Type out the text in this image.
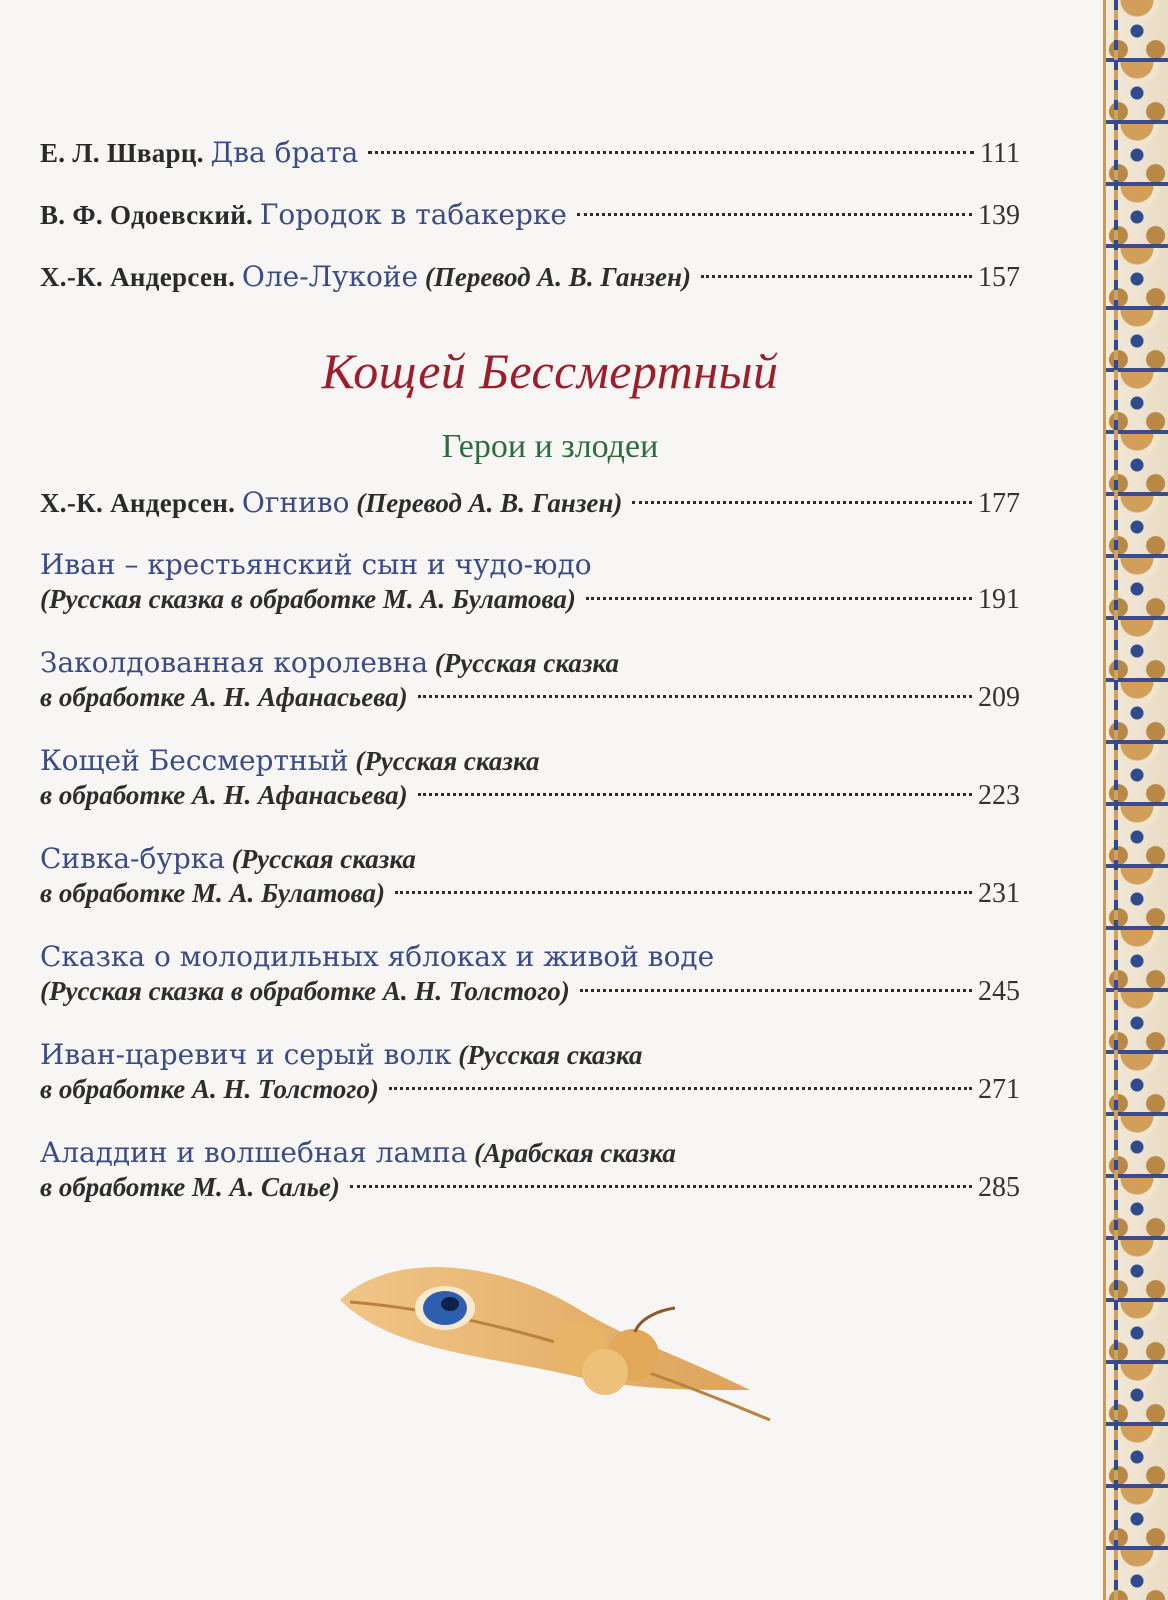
Е. Л. Шварц.
Два брата	111
В. Ф. Одоевский.
Городок в табакерке	139
Х.-К. Андерсен.
Оле-Лукойе
(Перевод А. В. Ганзен)	157
Кощей Бессмертный
Герои и злодеи
Х.-К. Андерсен.
Огниво
(Перевод А. В. Ганзен)	177
Иван – крестьянский сын и чудо-юдо
(Русская сказка в обработке М. А. Булатова)	191
Заколдованная королевна
(Русская сказка
в обработке А. Н. Афанасьева)	209
Кощей Бессмертный
(Русская сказка
в обработке А. Н. Афанасьева)	223
Сивка-бурка
(Русская сказка
в обработке М. А. Булатова)	231
Сказка о молодильных яблоках и живой воде
(Русская сказка в обработке А. Н. Толстого)	245
Иван-царевич и серый волк
(Русская сказка
в обработке А. Н. Толстого)	271
Аладдин и волшебная лампа
(Арабская сказка
в обработке М. А. Салье)	285
